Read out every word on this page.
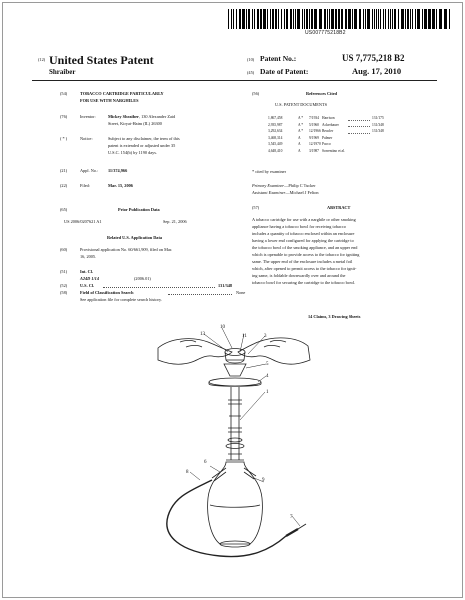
US007775218B2
(12) United States Patent
Shraiber
(10) Patent No.:	US 7,775,218 B2
(45) Date of Patent:	Aug. 17, 2010
(54)	TOBACCO CARTRIDGE PARTICULARLY
FOR USE WITH NARGHILES
(76)	Inventor:	Mickey Shraiber, 130 Alexander Zaid
Street, Kiryat-Haim (IL) 26300
( * )	Notice:	Subject to any disclaimer, the term of this
patent is extended or adjusted under 35
U.S.C. 154(b) by 1190 days.
(21)	Appl. No.: 11/374,966
(22)	Filed:	Mar. 15, 2006
(65)	Prior Publication Data
US 2006/0207621 A1	Sep. 21, 2006
Related U.S. Application Data
(60)	Provisional application No. 60/661,909, filed on Mar.
16, 2005.
(51)	Int. Cl.
A24D 1/14	(2006.01)
(52)	U.S. Cl.	131/348
(58)	Field of Classification Search	None
See application file for complete search history.
(56)	References Cited
U.S. PATENT DOCUMENTS
1,867,458	A * 7/1934 Harrison	131/175
2,935,987	A * 5/1960 Ackerbauer	131/348
3,292,634	A * 12/1966 Beucler	131/348
3,468,314	A 9/1969 Palmer
3,545,449	A 12/1970 Pucco
4,648,410	A 3/1987 Sorrentino et al.
* cited by examiner
Primary Examiner—Philip C Tucker
Assistant Examiner—Michael J Felton
(57)	ABSTRACT
A tobacco cartridge for use with a narghile or other smoking
appliance having a tobacco bowl for receiving tobacco
includes a quantity of tobacco enclosed within an enclosure
having a lower end configured for applying the cartridge to
the tobacco bowl of the smoking appliance, and an upper end
which is openable to provide access to the tobacco for igniting
same. The upper end of the enclosure includes a metal foil
which, after opened to permit access to the tobacco for ignit-
ing same, is foldable downwardly over and around the
tobacco bowl for securing the cartridge to the tobacco bowl.
14 Claims, 3 Drawing Sheets
10
13	11	3
5
4
1
6
8
9
7
